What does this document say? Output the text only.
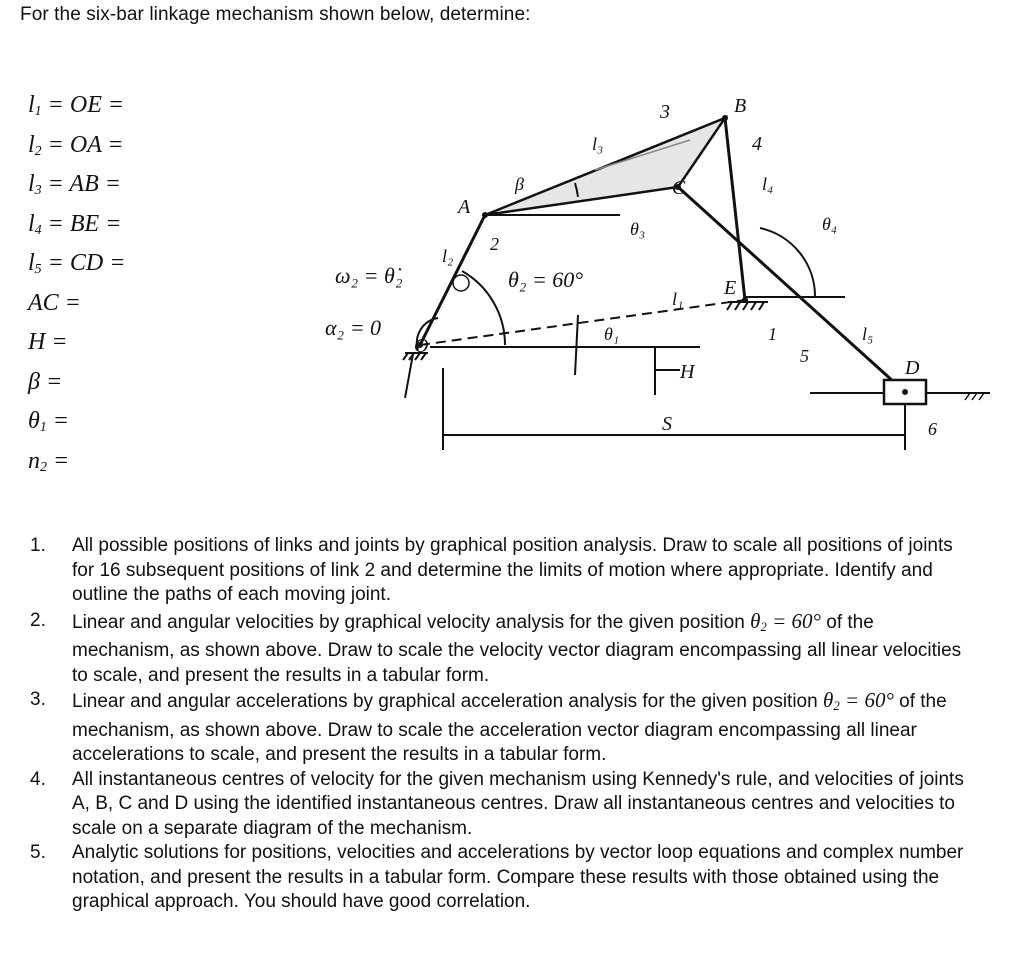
For the six-bar linkage mechanism shown below, determine:
$l_1$ = OE =
$l_2$ = OA =
$l_3$ = AB =
$l_4$ = BE =
$l_5$ = CD =
AC =
H =
β =
$\theta_1$ =
$n_2$ =
O
A
B
C
E
D
ω₂ = θ̇₂
α₂ = 0
θ₂ = 60°
θ₁
θ₃	θ₄
β
l₁
l₂
l₃
l₄
l₅
1
2
3
4
5
6
H
S
1. All possible positions of links and joints by graphical position analysis. Draw to scale all positions of joints for 16 subsequent positions of link 2 and determine the limits of motion where appropriate. Identify and outline the paths of each moving joint.
2. Linear and angular velocities by graphical velocity analysis for the given position $\theta_2 = 60^\circ$ of the mechanism, as shown above. Draw to scale the velocity vector diagram encompassing all linear velocities to scale, and present the results in a tabular form.
3. Linear and angular accelerations by graphical acceleration analysis for the given position $\theta_2 = 60^\circ$ of the mechanism, as shown above. Draw to scale the acceleration vector diagram encompassing all linear accelerations to scale, and present the results in a tabular form.
4. All instantaneous centres of velocity for the given mechanism using Kennedy's rule, and velocities of joints A, B, C and D using the identified instantaneous centres. Draw all instantaneous centres and velocities to scale on a separate diagram of the mechanism.
5. Analytic solutions for positions, velocities and accelerations by vector loop equations and complex number notation, and present the results in a tabular form. Compare these results with those obtained using the graphical approach. You should have good correlation.
